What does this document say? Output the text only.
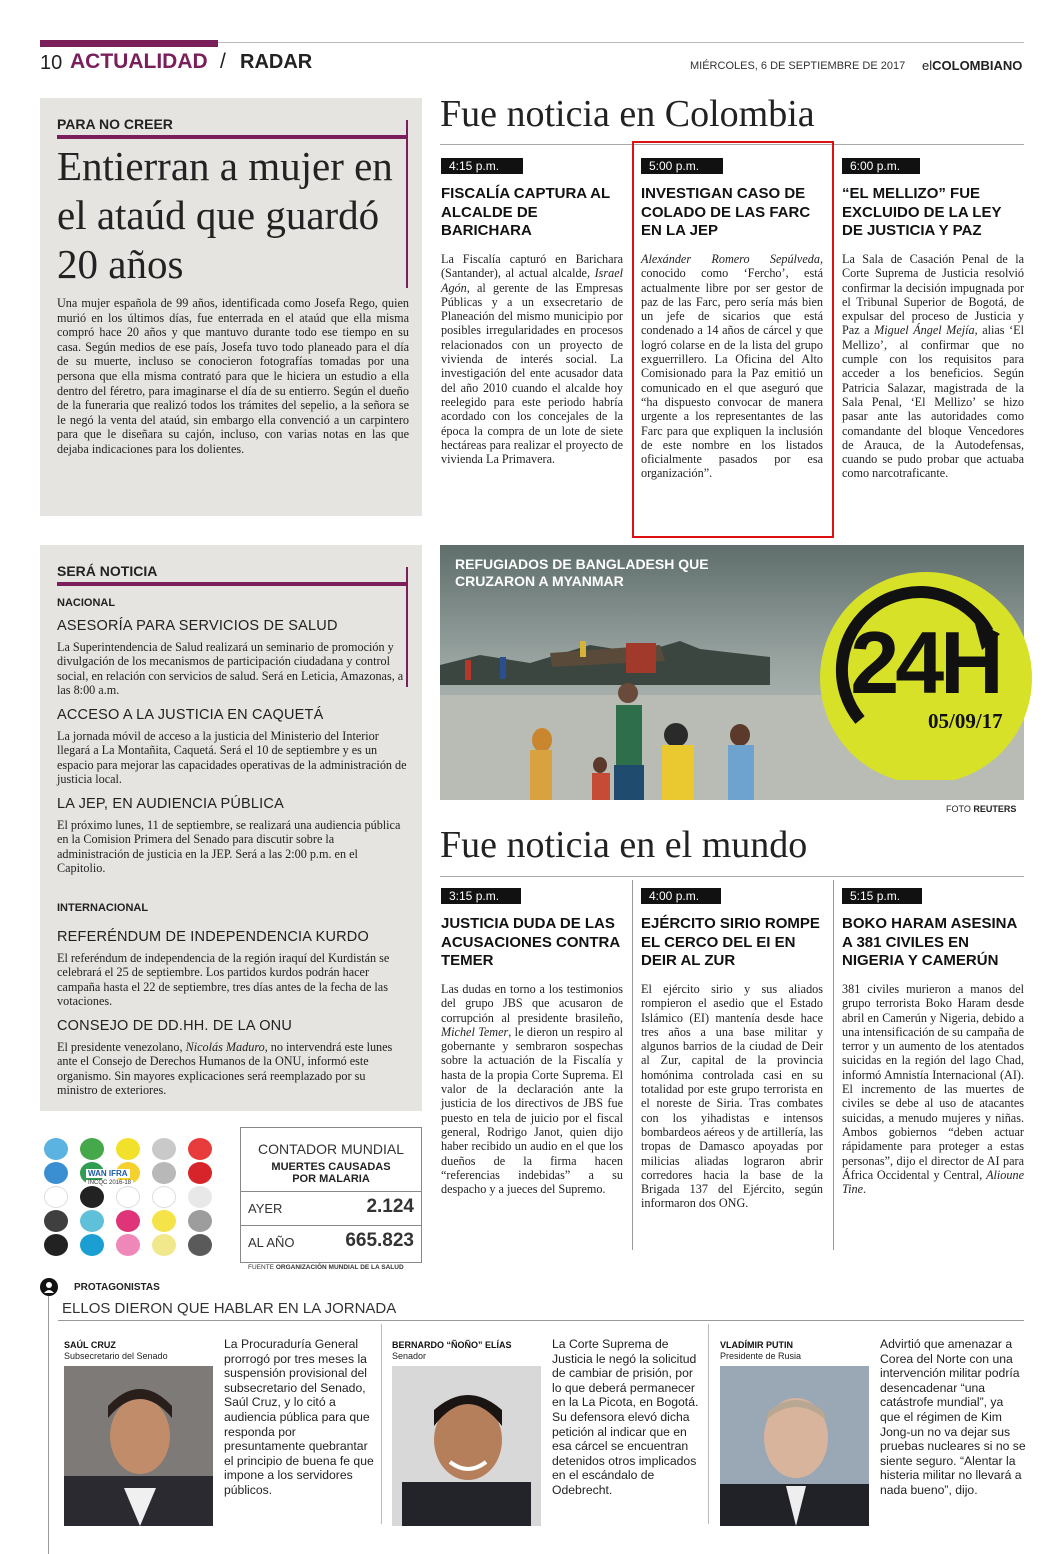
10 ACTUALIDAD / RADAR	MIÉRCOLES, 6 DE SEPTIEMBRE DE 2017 elCOLOMBIANO
PARA NO CREER
Entierran a mujer en el ataúd que guardó 20 años
Una mujer española de 99 años, identificada como Josefa Rego, quien murió en los últimos días, fue enterrada en el ataúd que ella misma compró hace 20 años y que mantuvo durante todo ese tiempo en su casa. Según medios de ese país, Josefa tuvo todo planeado para el día de su muerte, incluso se conocieron fotografías tomadas por una persona que ella misma contrató para que le hiciera un estudio a ella dentro del féretro, para imaginarse el día de su entierro. Según el dueño de la funeraria que realizó todos los trámites del sepelio, a la señora se le negó la venta del ataúd, sin embargo ella convenció a un carpintero para que le diseñara su cajón, incluso, con varias notas en las que dejaba indicaciones para los dolientes.
Fue noticia en Colombia
4:15 p.m.
FISCALÍA CAPTURA AL ALCALDE DE BARICHARA
La Fiscalía capturó en Barichara (Santander), al actual alcalde, Israel Agón, al gerente de las Empresas Públicas y a un exsecretario de Planeación del mismo municipio por posibles irregularidades en procesos relacionados con un proyecto de vivienda de interés social. La investigación del ente acusador data del año 2010 cuando el alcalde hoy reelegido para este periodo habría acordado con los concejales de la época la compra de un lote de siete hectáreas para realizar el proyecto de vivienda La Primavera.
5:00 p.m.
INVESTIGAN CASO DE COLADO DE LAS FARC EN LA JEP
Alexánder Romero Sepúlveda, conocido como ‘Fercho’, está actualmente libre por ser gestor de paz de las Farc, pero sería más bien un jefe de sicarios que está condenado a 14 años de cárcel y que logró colarse en de la lista del grupo exguerrillero. La Oficina del Alto Comisionado para la Paz emitió un comunicado en el que aseguró que “ha dispuesto convocar de manera urgente a los representantes de las Farc para que expliquen la inclusión de este nombre en los listados oficialmente pasados por esa organización”.
6:00 p.m.
“EL MELLIZO” FUE EXCLUIDO DE LA LEY DE JUSTICIA Y PAZ
La Sala de Casación Penal de la Corte Suprema de Justicia resolvió confirmar la decisión impugnada por el Tribunal Superior de Bogotá, de expulsar del proceso de Justicia y Paz a Miguel Ángel Mejía, alias ‘El Mellizo’, al confirmar que no cumple con los requisitos para acceder a los beneficios. Según Patricia Salazar, magistrada de la Sala Penal, ‘El Mellizo’ se hizo pasar ante las autoridades como comandante del bloque Vencedores de Arauca, de la Autodefensas, cuando se pudo probar que actuaba como narcotraficante.
REFUGIADOS DE BANGLADESH QUE CRUZARON A MYANMAR
24H
05/09/17
FOTO REUTERS
Fue noticia en el mundo
3:15 p.m.
JUSTICIA DUDA DE LAS ACUSACIONES CONTRA TEMER
Las dudas en torno a los testimonios del grupo JBS que acusaron de corrupción al presidente brasileño, Michel Temer, le dieron un respiro al gobernante y sembraron sospechas sobre la actuación de la Fiscalía y hasta de la propia Corte Suprema. El valor de la declaración ante la justicia de los directivos de JBS fue puesto en tela de juicio por el fiscal general, Rodrigo Janot, quien dijo haber recibido un audio en el que los dueños de la firma hacen “referencias indebidas” a su despacho y a jueces del Supremo.
4:00 p.m.
EJÉRCITO SIRIO ROMPE EL CERCO DEL EI EN DEIR AL ZUR
El ejército sirio y sus aliados rompieron el asedio que el Estado Islámico (EI) mantenía desde hace tres años a una base militar y algunos barrios de la ciudad de Deir al Zur, capital de la provincia homónima controlada casi en su totalidad por este grupo terrorista en el noreste de Siria. Tras combates con los yihadistas e intensos bombardeos aéreos y de artillería, las tropas de Damasco apoyadas por milicias aliadas lograron abrir corredores hacia la base de la Brigada 137 del Ejército, según informaron dos ONG.
5:15 p.m.
BOKO HARAM ASESINA A 381 CIVILES EN NIGERIA Y CAMERÚN
381 civiles murieron a manos del grupo terrorista Boko Haram desde abril en Camerún y Nigeria, debido a una intensificación de su campaña de terror y un aumento de los atentados suicidas en la región del lago Chad, informó Amnistía Internacional (AI). El incremento de las muertes de civiles se debe al uso de atacantes suicidas, a menudo mujeres y niñas. Ambos gobiernos “deben actuar rápidamente para proteger a estas personas”, dijo el director de AI para África Occidental y Central, Alioune Tine.
SERÁ NOTICIA
NACIONAL
ASESORÍA PARA SERVICIOS DE SALUD
La Superintendencia de Salud realizará un seminario de promoción y divulgación de los mecanismos de participación ciudadana y control social, en relación con servicios de salud. Será en Leticia, Amazonas, a las 8:00 a.m.
ACCESO A LA JUSTICIA EN CAQUETÁ
La jornada móvil de acceso a la justicia del Ministerio del Interior llegará a La Montañita, Caquetá. Será el 10 de septiembre y es un espacio para mejorar las capacidades operativas de la administración de justicia local.
LA JEP, EN AUDIENCIA PÚBLICA
El próximo lunes, 11 de septiembre, se realizará una audiencia pública en la Comision Primera del Senado para discutir sobre la administración de justicia en la JEP. Será a las 2:00 p.m. en el Capitolio.
INTERNACIONAL
REFERÉNDUM DE INDEPENDENCIA KURDO
El referéndum de independencia de la región iraquí del Kurdistán se celebrará el 25 de septiembre. Los partidos kurdos podrán hacer campaña hasta el 22 de septiembre, tres días antes de la fecha de las votaciones.
CONSEJO DE DD.HH. DE LA ONU
El presidente venezolano, Nicolás Maduro, no intervendrá este lunes ante el Consejo de Derechos Humanos de la ONU, informó este organismo. Sin mayores explicaciones será reemplazado por su ministro de exteriores.
WAN IFRA
INCQC 2016-18
CONTADOR MUNDIAL
MUERTES CAUSADAS POR MALARIA
AYER	2.124
AL AÑO	665.823
FUENTE ORGANIZACIÓN MUNDIAL DE LA SALUD
PROTAGONISTAS
ELLOS DIERON QUE HABLAR EN LA JORNADA
SAÚL CRUZ
Subsecretario del Senado
La Procuraduría General prorrogó por tres meses la suspensión provisional del subsecretario del Senado, Saúl Cruz, y lo citó a audiencia pública para que responda por presuntamente quebrantar el principio de buena fe que impone a los servidores públicos.
BERNARDO “ÑOÑO” ELÍAS
Senador
La Corte Suprema de Justicia le negó la solicitud de cambiar de prisión, por lo que deberá permanecer en la La Picota, en Bogotá. Su defensora elevó dicha petición al indicar que en esa cárcel se encuentran detenidos otros implicados en el escándalo de Odebrecht.
VLADÍMIR PUTIN
Presidente de Rusia
Advirtió que amenazar a Corea del Norte con una intervención militar podría desencadenar “una catástrofe mundial”, ya que el régimen de Kim Jong-un no va dejar sus pruebas nucleares si no se siente seguro. “Alentar la histeria militar no llevará a nada bueno”, dijo.
